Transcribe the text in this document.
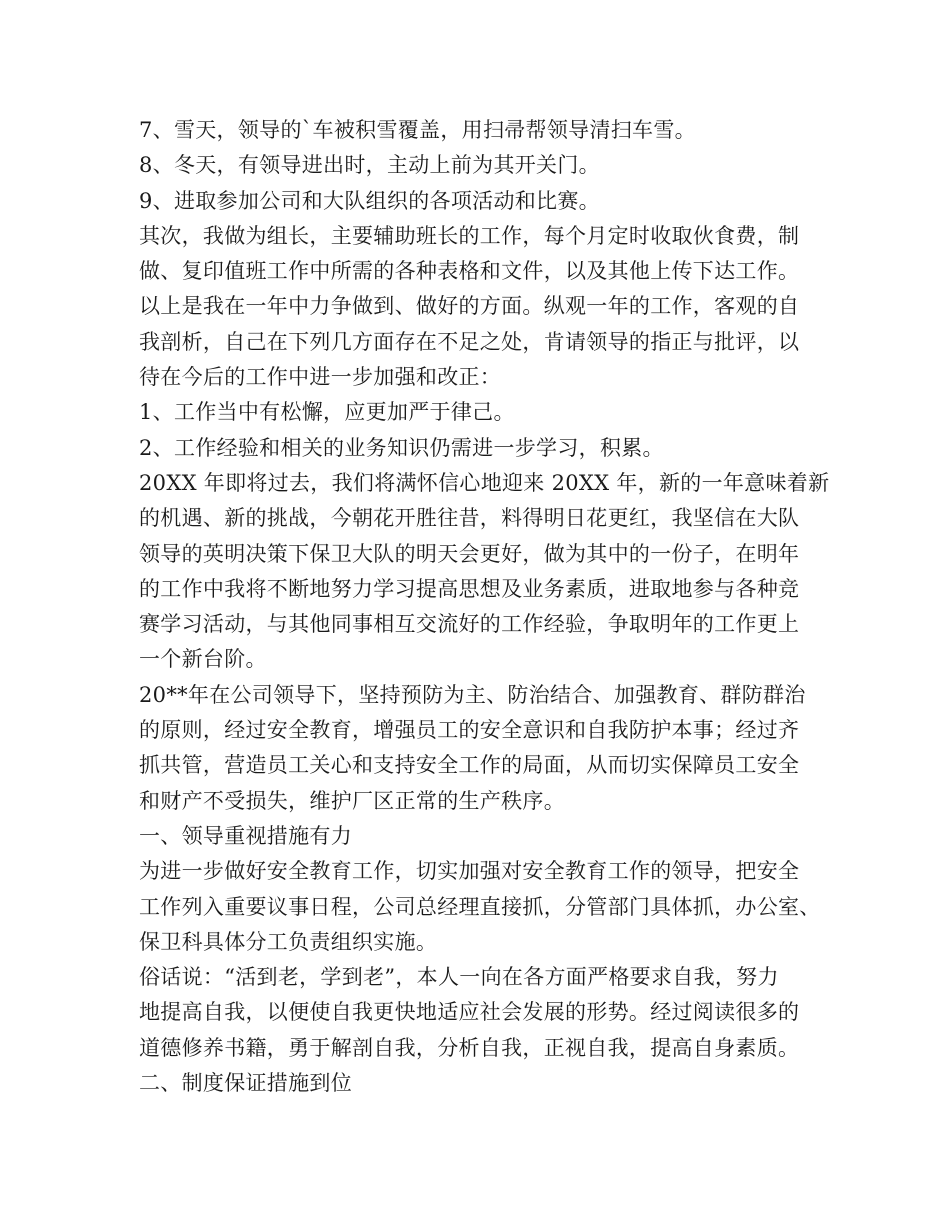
7、雪天，领导的`车被积雪覆盖，用扫帚帮领导清扫车雪。
8、冬天，有领导进出时，主动上前为其开关门。
9、进取参加公司和大队组织的各项活动和比赛。
其次，我做为组长，主要辅助班长的工作，每个月定时收取伙食费，制
做、复印值班工作中所需的各种表格和文件，以及其他上传下达工作。
以上是我在一年中力争做到、做好的方面。纵观一年的工作，客观的自
我剖析，自己在下列几方面存在不足之处，肯请领导的指正与批评，以
待在今后的工作中进一步加强和改正：
1、工作当中有松懈，应更加严于律己。
2、工作经验和相关的业务知识仍需进一步学习，积累。
20XX 年即将过去，我们将满怀信心地迎来 20XX 年，新的一年意味着新
的机遇、新的挑战，今朝花开胜往昔，料得明日花更红，我坚信在大队
领导的英明决策下保卫大队的明天会更好，做为其中的一份子，在明年
的工作中我将不断地努力学习提高思想及业务素质，进取地参与各种竞
赛学习活动，与其他同事相互交流好的工作经验，争取明年的工作更上
一个新台阶。
20**年在公司领导下，坚持预防为主、防治结合、加强教育、群防群治
的原则，经过安全教育，增强员工的安全意识和自我防护本事；经过齐
抓共管，营造员工关心和支持安全工作的局面，从而切实保障员工安全
和财产不受损失，维护厂区正常的生产秩序。
一、领导重视措施有力
为进一步做好安全教育工作，切实加强对安全教育工作的领导，把安全
工作列入重要议事日程，公司总经理直接抓，分管部门具体抓，办公室、
保卫科具体分工负责组织实施。
俗话说：“活到老，学到老”，本人一向在各方面严格要求自我，努力
地提高自我，以便使自我更快地适应社会发展的形势。经过阅读很多的
道德修养书籍，勇于解剖自我，分析自我，正视自我，提高自身素质。
二、制度保证措施到位
